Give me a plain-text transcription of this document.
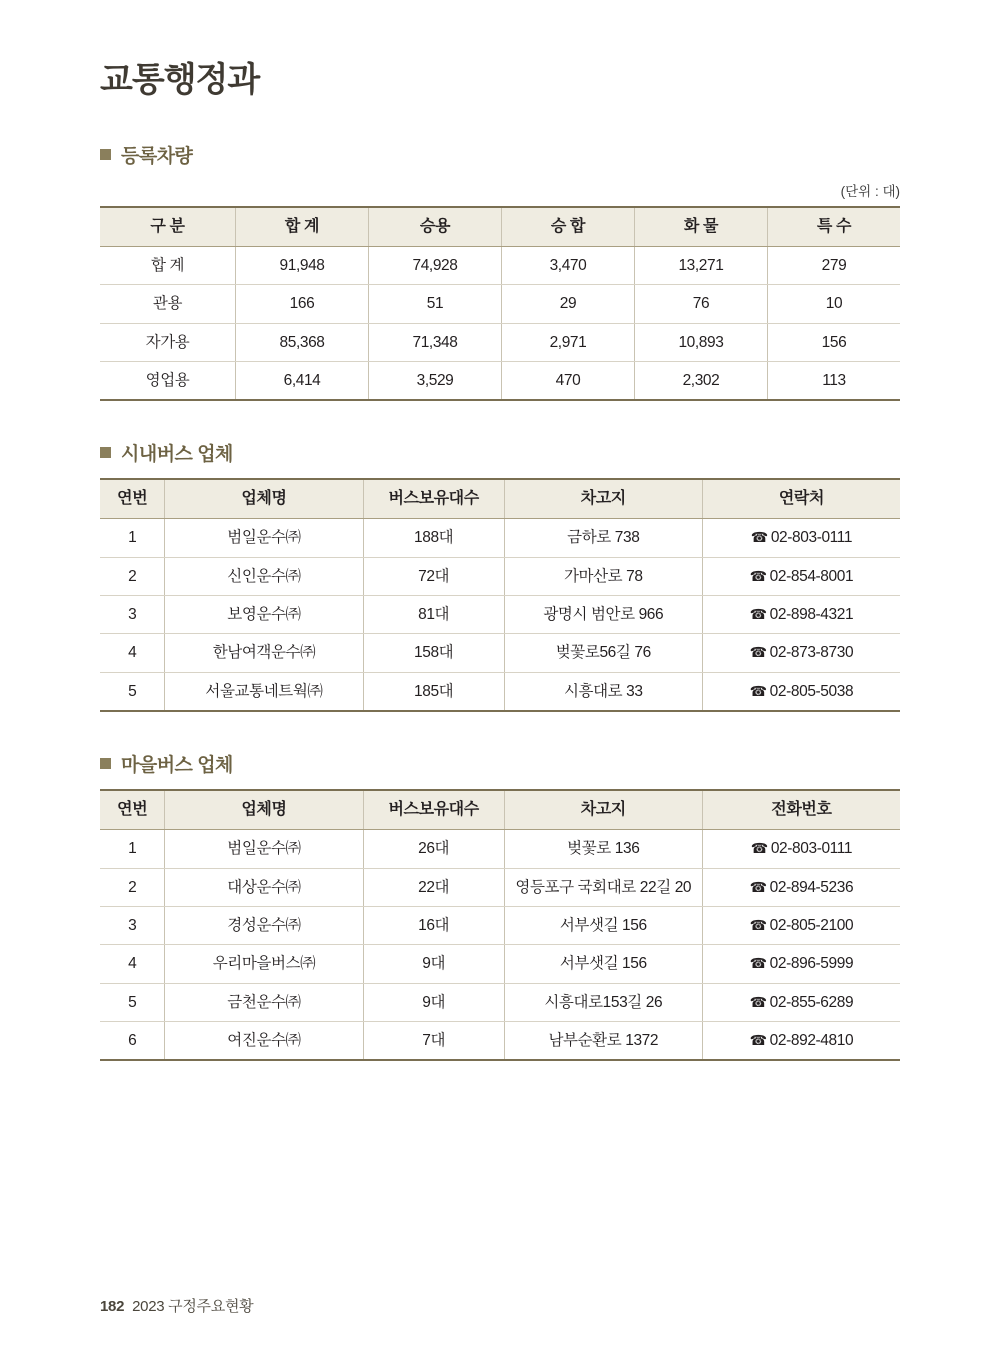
교통행정과
등록차량
(단위 : 대)
구 분	합 계	승용	승 합	화 물	특 수
합 계	91,948	74,928	3,470	13,271	279
관용	166	51	29	76	10
자가용	85,368	71,348	2,971	10,893	156
영업용	6,414	3,529	470	2,302	113
시내버스 업체
연번	업체명	버스보유대수	차고지	연락처
1	범일운수㈜	188대	금하로 738	☎ 02-803-0111
2	신인운수㈜	72대	가마산로 78	☎ 02-854-8001
3	보영운수㈜	81대	광명시 범안로 966	☎ 02-898-4321
4	한남여객운수㈜	158대	벚꽃로56길 76	☎ 02-873-8730
5	서울교통네트웍㈜	185대	시흥대로 33	☎ 02-805-5038
마을버스 업체
연번	업체명	버스보유대수	차고지	전화번호
1	범일운수㈜	26대	벚꽃로 136	☎ 02-803-0111
2	대상운수㈜	22대	영등포구 국회대로 22길 20	☎ 02-894-5236
3	경성운수㈜	16대	서부샛길 156	☎ 02-805-2100
4	우리마을버스㈜	9대	서부샛길 156	☎ 02-896-5999
5	금천운수㈜	9대	시흥대로153길 26	☎ 02-855-6289
6	여진운수㈜	7대	남부순환로 1372	☎ 02-892-4810
182 2023 구정주요현황
